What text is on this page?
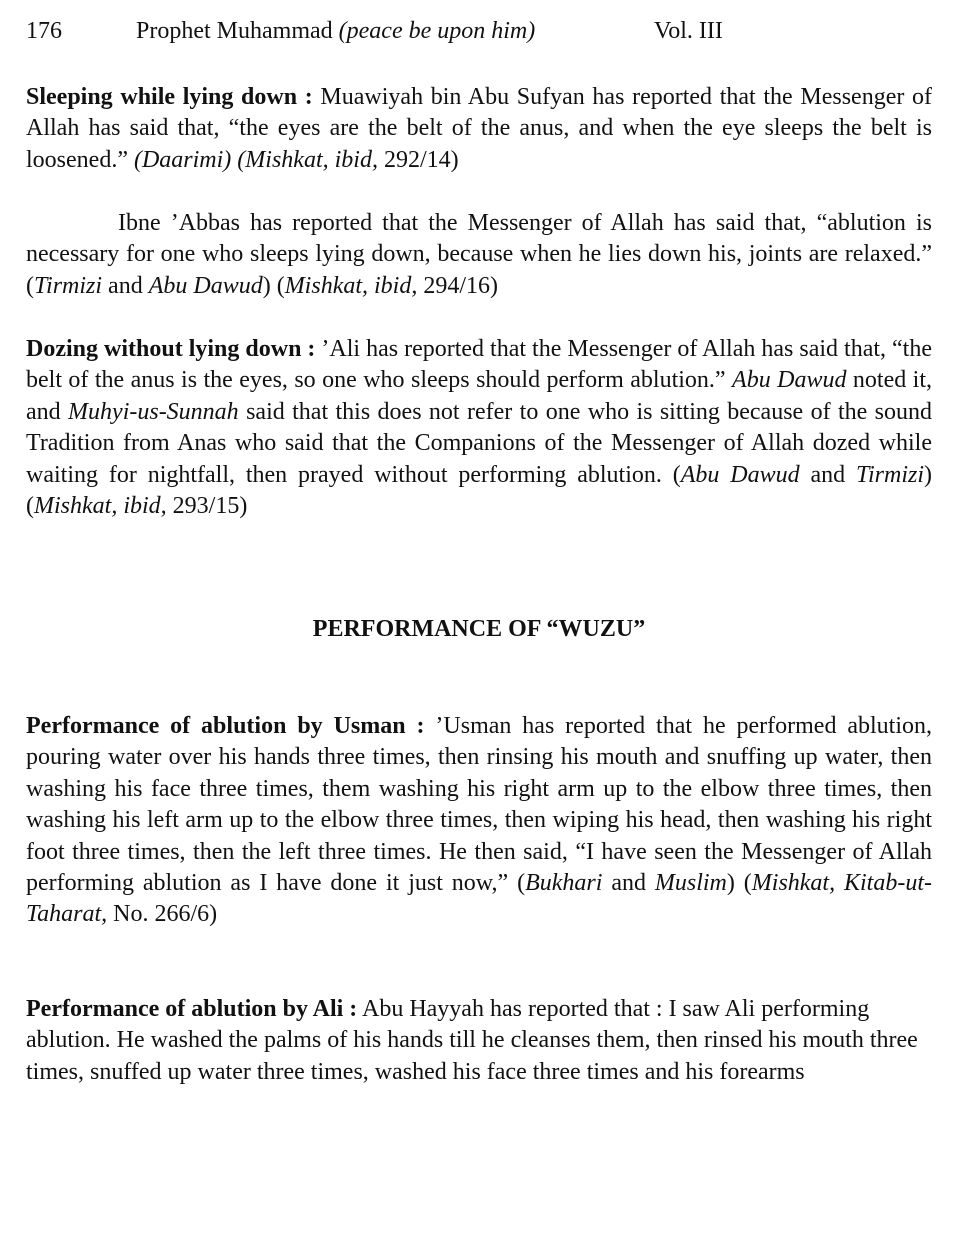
176	Prophet Muhammad (peace be upon him)	Vol. III

Sleeping while lying down : Muawiyah bin Abu Sufyan has reported that the Messenger of Allah has said that, “the eyes are the belt of the anus, and when the eye sleeps the belt is loosened.” (Daarimi) (Mishkat, ibid, 292/14)

Ibne ’Abbas has reported that the Messenger of Allah has said that, “ablution is necessary for one who sleeps lying down, because when he lies down his, joints are relaxed.” (Tirmizi and Abu Dawud) (Mishkat, ibid, 294/16)

Dozing without lying down : ’Ali has reported that the Messenger of Allah has said that, “the belt of the anus is the eyes, so one who sleeps should perform ablution.” Abu Dawud noted it, and Muhyi-us-Sunnah said that this does not refer to one who is sitting because of the sound Tradition from Anas who said that the Companions of the Messenger of Allah dozed while waiting for nightfall, then prayed without performing ablution. (Abu Dawud and Tirmizi) (Mishkat, ibid, 293/15)

PERFORMANCE OF “WUZU”

Performance of ablution by Usman : ’Usman has reported that he performed ablution, pouring water over his hands three times, then rinsing his mouth and snuffing up water, then washing his face three times, them washing his right arm up to the elbow three times, then washing his left arm up to the elbow three times, then wiping his head, then washing his right foot three times, then the left three times. He then said, “I have seen the Messenger of Allah performing ablution as I have done it just now,” (Bukhari and Muslim) (Mishkat, Kitab-ut-Taharat, No. 266/6)

Performance of ablution by Ali : Abu Hayyah has reported that : I saw Ali performing ablution. He washed the palms of his hands till he cleanses them, then rinsed his mouth three times, snuffed up water three times, washed his face three times and his forearms
